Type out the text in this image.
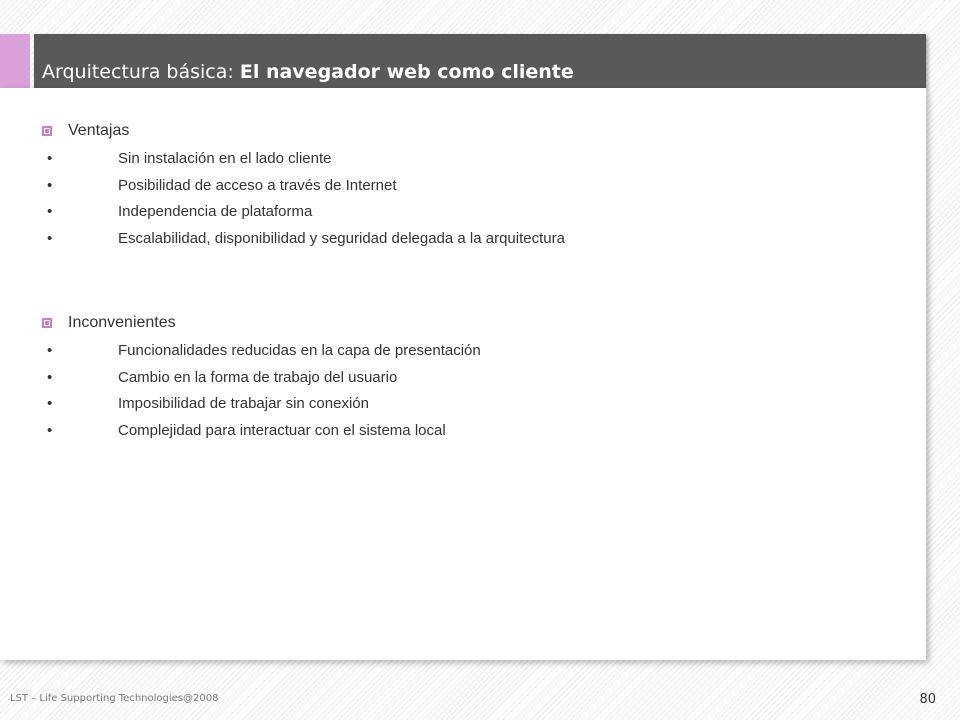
Arquitectura básica: El navegador web como cliente
Ventajas
•	Sin instalación en el lado cliente
•	Posibilidad de acceso a través de Internet
•	Independencia de plataforma
•	Escalabilidad, disponibilidad y seguridad delegada a la arquitectura
Inconvenientes
•	Funcionalidades reducidas en la capa de presentación
•	Cambio en la forma de trabajo del usuario
•	Imposibilidad de trabajar sin conexión
•	Complejidad para interactuar con el sistema local
LST – Life Supporting Technologies@2008	80
